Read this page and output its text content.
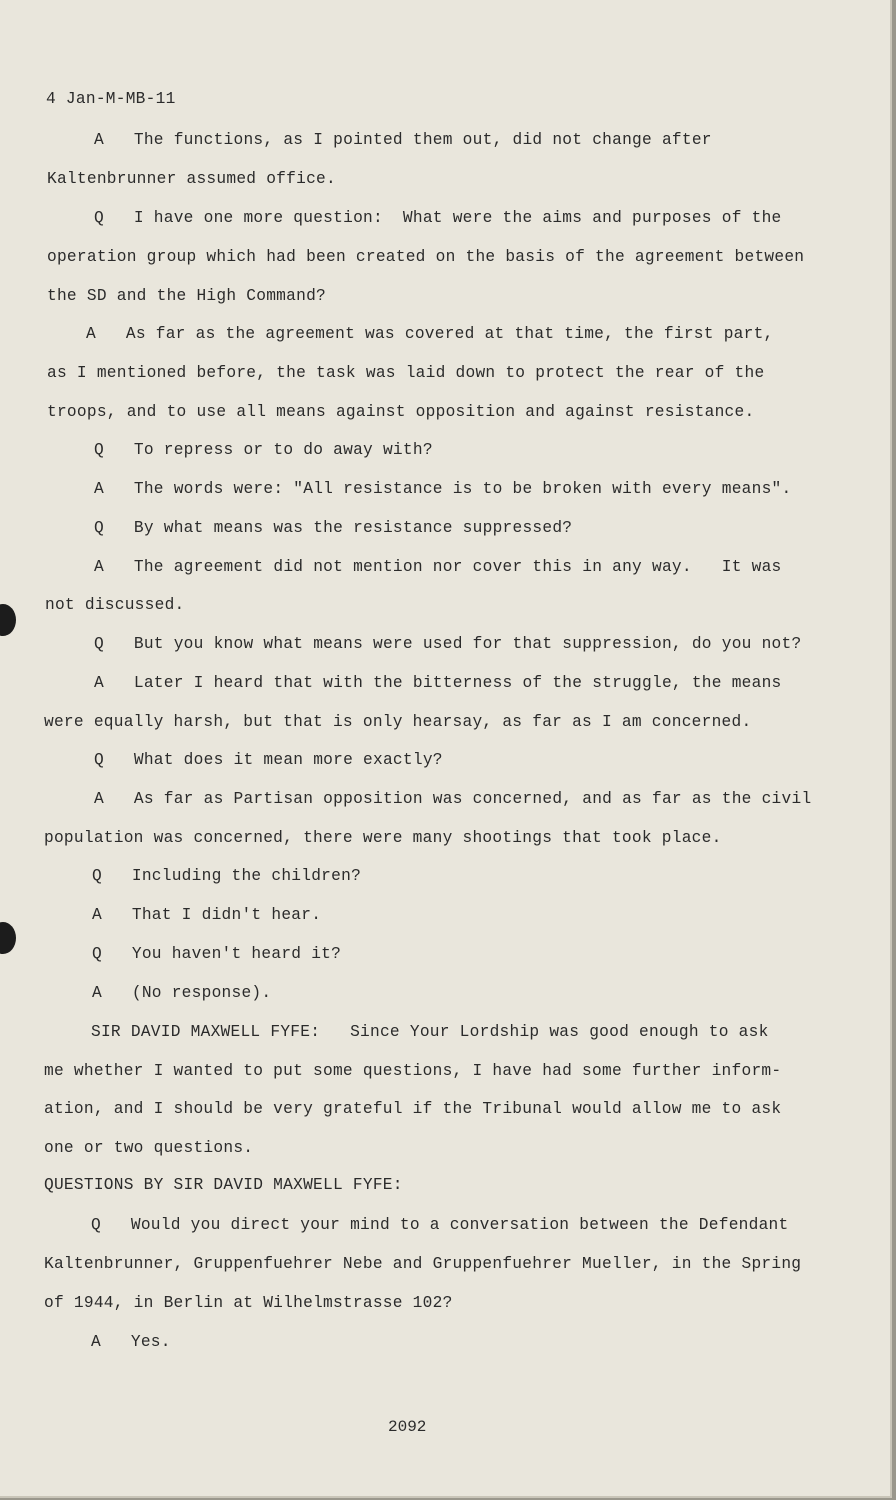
4 Jan-M-MB-11

A   The functions, as I pointed them out, did not change after

Kaltenbrunner assumed office.

Q   I have one more question:  What were the aims and purposes of the

operation group which had been created on the basis of the agreement between

the SD and the High Command?

A   As far as the agreement was covered at that time, the first part,

as I mentioned before, the task was laid down to protect the rear of the

troops, and to use all means against opposition and against resistance.

Q   To repress or to do away with?

A   The words were: "All resistance is to be broken with every means".

Q   By what means was the resistance suppressed?

A   The agreement did not mention nor cover this in any way.   It was

not discussed.

Q   But you know what means were used for that suppression, do you not?

A   Later I heard that with the bitterness of the struggle, the means

were equally harsh, but that is only hearsay, as far as I am concerned.

Q   What does it mean more exactly?

A   As far as Partisan opposition was concerned, and as far as the civil

population was concerned, there were many shootings that took place.

Q   Including the children?

A   That I didn't hear.

Q   You haven't heard it?

A   (No response).

SIR DAVID MAXWELL FYFE:   Since Your Lordship was good enough to ask

me whether I wanted to put some questions, I have had some further inform-

ation, and I should be very grateful if the Tribunal would allow me to ask

one or two questions.

QUESTIONS BY SIR DAVID MAXWELL FYFE:

Q   Would you direct your mind to a conversation between the Defendant

Kaltenbrunner, Gruppenfuehrer Nebe and Gruppenfuehrer Mueller, in the Spring

of 1944, in Berlin at Wilhelmstrasse 102?

A   Yes.

2092
